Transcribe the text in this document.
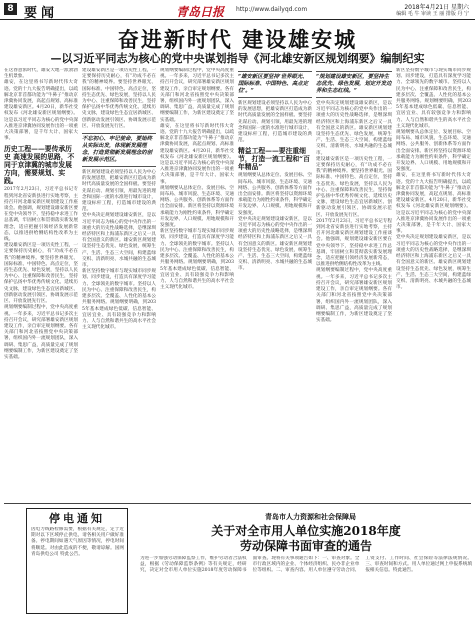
8 要闻	青岛日报 http://www.dailyqd.com	2018年4月21日 星期六
编辑 毛 牛 审读 王 丽 排版 丹 宁
奋进新时代 建设雄安城
—以习近平同志为核心的党中央谋划指导《河北雄安新区规划纲要》编制纪实

在这春意浓时代，雄安大地一派勃勃生机景象。

雄安，在这里将书写新时代伟大奇迹。党的十九大报告明确提出，以疏解北京非首都功能为“牛鼻子”推动京津冀协同发展，高起点规划、高标准建设雄安新区。4月20日，新华社受权发布《河北雄安新区规划纲要》。这是以习近平同志为核心的党中央深入推进京津冀协同发展作出的一项重大决策部署，是千年大计、国家大事。

历史工程——要传承历史 高速发展的思路，不同于京津冀的城市发展方向，需要规划、实践。

2017年2月23日，习近平总书记专程到河北省安新县进行实地考察，主持召开河北雄安新区规划建设工作座谈会。他强调，规划建设雄安新区要在党中央领导下，坚持稳中求进工作总基调，牢固树立和贯彻落实新发展理念，适应把握引领经济发展新常态，以推进供给侧结构性改革为主线。

建设雄安新区是一项历史性工程，一定要保持历史耐心，有“功成不必在我”的精神境界。要坚持世界眼光、国际标准、中国特色、高点定位，坚持生态优先、绿色发展，坚持以人民为中心、注重保障和改善民生，坚持保护弘扬中华优秀传统文化、延续历史文脉，建设绿色生态宜居新城区、创新驱动发展引领区、协调发展示范区、开放发展先行区。

规划纲要编制过程中，党中央高度重视。一年多来，习近平总书记多次主持召开会议，研究部署雄安新区规划建设工作，亲自审定规划纲要。各有关部门和河北省按照党中央决策部署，组织国内外一流规划团队，深入调研、集思广益，高质量完成了规划纲要编制工作，为新区建设奠定了坚实基础。

建设雄安新区是一项历史性工程，一定要保持历史耐心，有“功成不必在我”的精神境界。要坚持世界眼光、国际标准、中国特色、高点定位，坚持生态优先、绿色发展，坚持以人民为中心、注重保障和改善民生，坚持保护弘扬中华优秀传统文化、延续历史文脉，建设绿色生态宜居新城区、创新驱动发展引领区、协调发展示范区、开放发展先行区。

不忘初心、牢记使命，要始终从实际出发，体现新发展理念，打造贯彻新发展理念的创新发展示范区。

新区规划建设必须坚持以人民为中心的发展思想，把雄安新区打造成为新时代高质量发展的全国样板。要坚持先谋后动、规划引领，用最先进的理念和国际一流的水准进行城市设计，建设标杆工程，打造城市建设的典范。

党中央决定规划建设雄安新区，是以习近平同志为核心的党中央作出的一项重大的历史性战略选择，是继深圳经济特区和上海浦东新区之后又一具有全国意义的新区。雄安新区规划建设坚持生态优先、绿色发展，统筹生产、生活、生态三大空间，构建蓝绿交织、清新明亮、水城共融的生态城市。

新区坚持数字城市与现实城市同步规划、同步建设，打造具有深度学习能力、全球领先的数字城市。坚持以人民为中心、注重保障和改善民生，构建多层次、全覆盖、人性化的基本公共服务网络。规划纲要明确，到2035年基本建成绿色低碳、信息智能、宜居宜业、具有较强竞争力和影响力、人与自然和谐共生的高水平社会主义现代化城市。

规划纲要编制过程中，党中央高度重视。一年多来，习近平总书记多次主持召开会议，研究部署雄安新区规划建设工作，亲自审定规划纲要。各有关部门和河北省按照党中央决策部署，组织国内外一流规划团队，深入调研、集思广益，高质量完成了规划纲要编制工作，为新区建设奠定了坚实基础。

雄安，在这里将书写新时代伟大奇迹。党的十九大报告明确提出，以疏解北京非首都功能为“牛鼻子”推动京津冀协同发展，高起点规划、高标准建设雄安新区。4月20日，新华社受权发布《河北雄安新区规划纲要》。这是以习近平同志为核心的党中央深入推进京津冀协同发展作出的一项重大决策部署，是千年大计、国家大事。

规划纲要从总体定位、发展目标、空间布局、城市风貌、生态环境、交通网络、公共服务、创新体系等方面作出全面安排。新区将坚持以资源环境承载能力为刚性约束条件，科学确定开发边界、人口规模、用地规模和开发强度。

新区坚持数字城市与现实城市同步规划、同步建设，打造具有深度学习能力、全球领先的数字城市。坚持以人民为中心、注重保障和改善民生，构建多层次、全覆盖、人性化的基本公共服务网络。规划纲要明确，到2035年基本建成绿色低碳、信息智能、宜居宜业、具有较强竞争力和影响力、人与自然和谐共生的高水平社会主义现代化城市。

“雄安新区要坚持‘世界眼光、国际标准、中国特色、高点定位’。”

新区规划建设必须坚持以人民为中心的发展思想，把雄安新区打造成为新时代高质量发展的全国样板。要坚持先谋后动、规划引领，用最先进的理念和国际一流的水准进行城市设计，建设标杆工程，打造城市建设的典范。

精益工程——要注重细节，打造一流工程和“百年精品”

规划纲要从总体定位、发展目标、空间布局、城市风貌、生态环境、交通网络、公共服务、创新体系等方面作出全面安排。新区将坚持以资源环境承载能力为刚性约束条件，科学确定开发边界、人口规模、用地规模和开发强度。

党中央决定规划建设雄安新区，是以习近平同志为核心的党中央作出的一项重大的历史性战略选择，是继深圳经济特区和上海浦东新区之后又一具有全国意义的新区。雄安新区规划建设坚持生态优先、绿色发展，统筹生产、生活、生态三大空间，构建蓝绿交织、清新明亮、水城共融的生态城市。

“规划建设雄安新区，要坚持生态优先、绿色发展，划定开发边界和生态红线。”

党中央决定规划建设雄安新区，是以习近平同志为核心的党中央作出的一项重大的历史性战略选择，是继深圳经济特区和上海浦东新区之后又一具有全国意义的新区。雄安新区规划建设坚持生态优先、绿色发展，统筹生产、生活、生态三大空间，构建蓝绿交织、清新明亮、水城共融的生态城市。

建设雄安新区是一项历史性工程，一定要保持历史耐心，有“功成不必在我”的精神境界。要坚持世界眼光、国际标准、中国特色、高点定位，坚持生态优先、绿色发展，坚持以人民为中心、注重保障和改善民生，坚持保护弘扬中华优秀传统文化、延续历史文脉，建设绿色生态宜居新城区、创新驱动发展引领区、协调发展示范区、开放发展先行区。

2017年2月23日，习近平总书记专程到河北省安新县进行实地考察，主持召开河北雄安新区规划建设工作座谈会。他强调，规划建设雄安新区要在党中央领导下，坚持稳中求进工作总基调，牢固树立和贯彻落实新发展理念，适应把握引领经济发展新常态，以推进供给侧结构性改革为主线。

规划纲要编制过程中，党中央高度重视。一年多来，习近平总书记多次主持召开会议，研究部署雄安新区规划建设工作，亲自审定规划纲要。各有关部门和河北省按照党中央决策部署，组织国内外一流规划团队，深入调研、集思广益，高质量完成了规划纲要编制工作，为新区建设奠定了坚实基础。

新区坚持数字城市与现实城市同步规划、同步建设，打造具有深度学习能力、全球领先的数字城市。坚持以人民为中心、注重保障和改善民生，构建多层次、全覆盖、人性化的基本公共服务网络。规划纲要明确，到2035年基本建成绿色低碳、信息智能、宜居宜业、具有较强竞争力和影响力、人与自然和谐共生的高水平社会主义现代化城市。

规划纲要从总体定位、发展目标、空间布局、城市风貌、生态环境、交通网络、公共服务、创新体系等方面作出全面安排。新区将坚持以资源环境承载能力为刚性约束条件，科学确定开发边界、人口规模、用地规模和开发强度。

雄安，在这里将书写新时代伟大奇迹。党的十九大报告明确提出，以疏解北京非首都功能为“牛鼻子”推动京津冀协同发展，高起点规划、高标准建设雄安新区。4月20日，新华社受权发布《河北雄安新区规划纲要》。这是以习近平同志为核心的党中央深入推进京津冀协同发展作出的一项重大决策部署，是千年大计、国家大事。

党中央决定规划建设雄安新区，是以习近平同志为核心的党中央作出的一项重大的历史性战略选择，是继深圳经济特区和上海浦东新区之后又一具有全国意义的新区。雄安新区规划建设坚持生态优先、绿色发展，统筹生产、生活、生态三大空间，构建蓝绿交织、清新明亮、水城共融的生态城市。

停电通知

因电力线路检修需要，根据有关规定，定于近期对以下区域停止供电，请各相关用户做好准备。停电期间如遇天气原因等情况，停电时间将顺延。对由此造成的不便，敬请谅解。国网青岛供电公司 特此公告。

青岛市人力资源和社会保障局
关于对全市用人单位实施2018年度
劳动保障书面审查的通告

为进一步加强劳动保障监察工作，维护劳动者合法权益，根据《劳动保障监察条例》等有关规定，经研究，决定对全市用人单位实施2018年度劳动保障书面审查。现将有关事项通告如下：一、审查对象。全市行政区域内的企业、个体经济组织、民办非企业单位等组织。二、审查内容。用人单位遵守劳动合同、工资支付、工作时间、社会保险等法律法规情况。三、审查时间和方式。用人单位通过网上申报系统填报相关信息。特此通告。
